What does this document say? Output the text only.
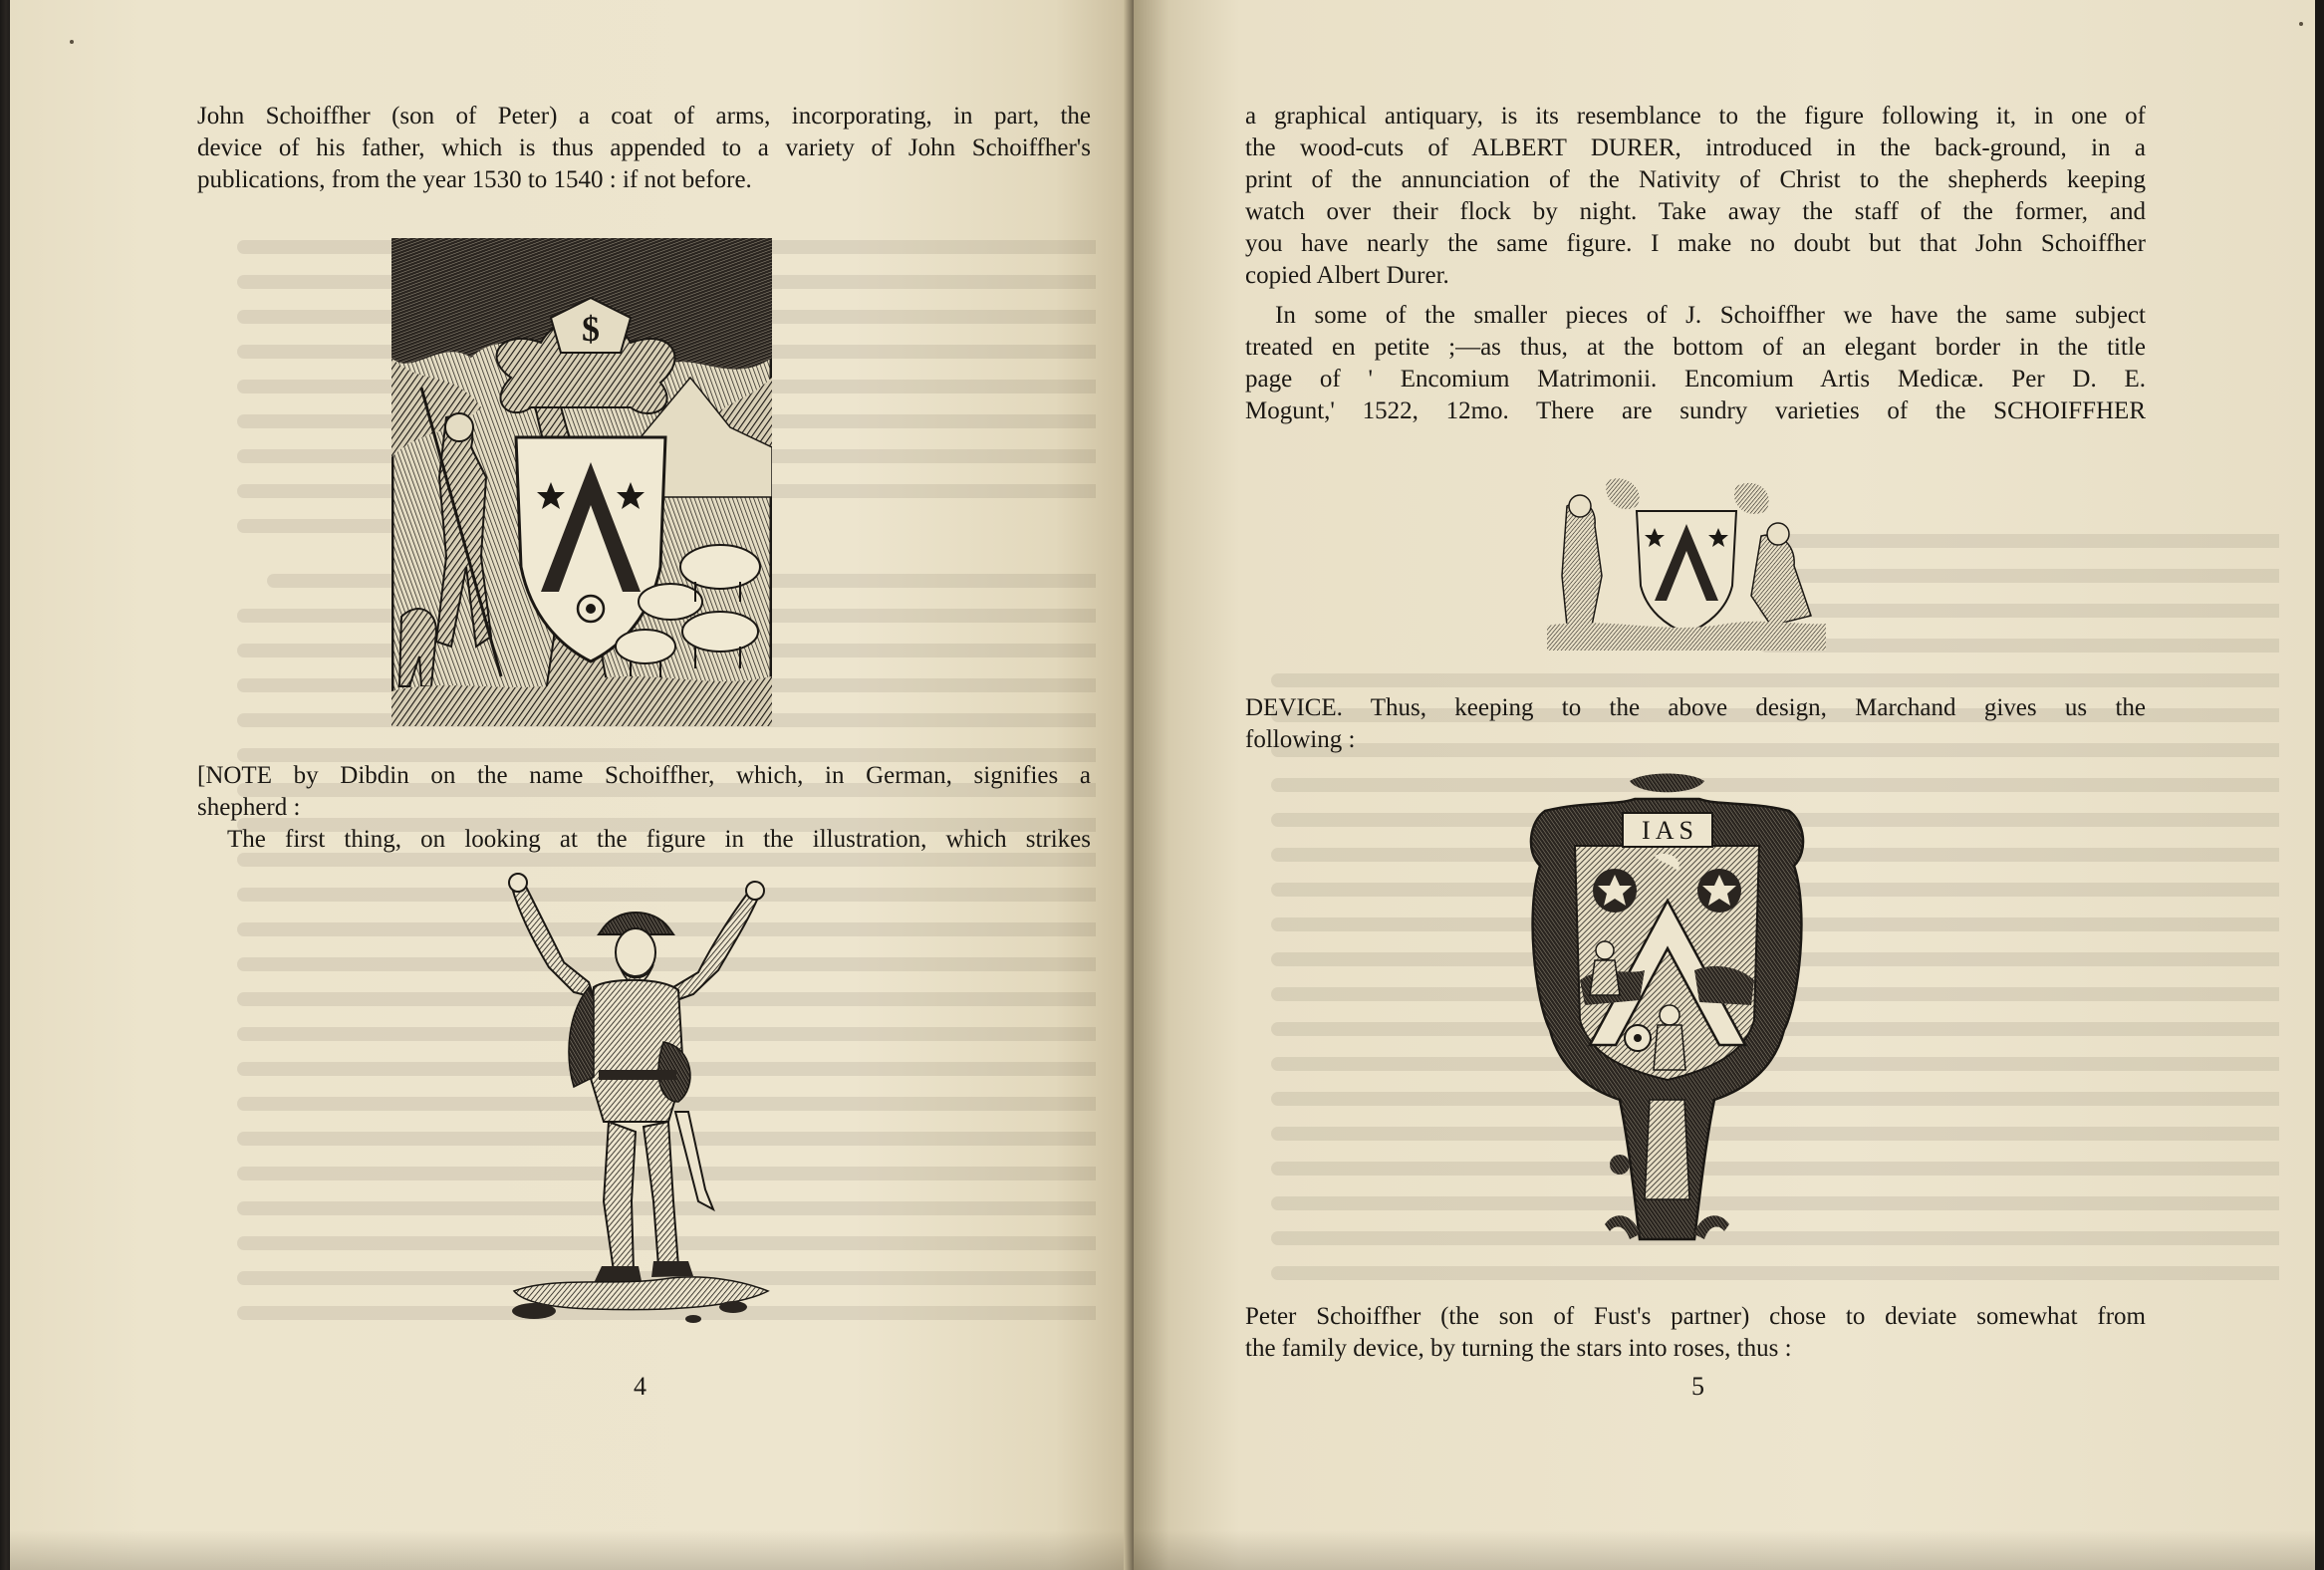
John Schoiffher (son of Peter) a coat of arms, incorporating, in part, the

device of his father, which is thus appended to a variety of John Schoiffher's

publications, from the year 1530 to 1540 : if not before.

$

[NOTE by Dibdin on the name Schoiffher, which, in German, signifies a

shepherd :

The first thing, on looking at the figure in the illustration, which strikes

4

a graphical antiquary, is its resemblance to the figure following it, in one of

the wood-cuts of ALBERT DURER, introduced in the back-ground, in a

print of the annunciation of the Nativity of Christ to the shepherds keeping

watch over their flock by night. Take away the staff of the former, and

you have nearly the same figure. I make no doubt but that John Schoiffher

copied Albert Durer.

In some of the smaller pieces of J. Schoiffher we have the same subject

treated en petite ;—as thus, at the bottom of an elegant border in the title

page of ' Encomium Matrimonii. Encomium Artis Medicæ. Per D. E.

Mogunt,' 1522, 12mo. There are sundry varieties of the SCHOIFFHER

DEVICE. Thus, keeping to the above design, Marchand gives us the

following :

I A S

Peter Schoiffher (the son of Fust's partner) chose to deviate somewhat from

the family device, by turning the stars into roses, thus :

5
